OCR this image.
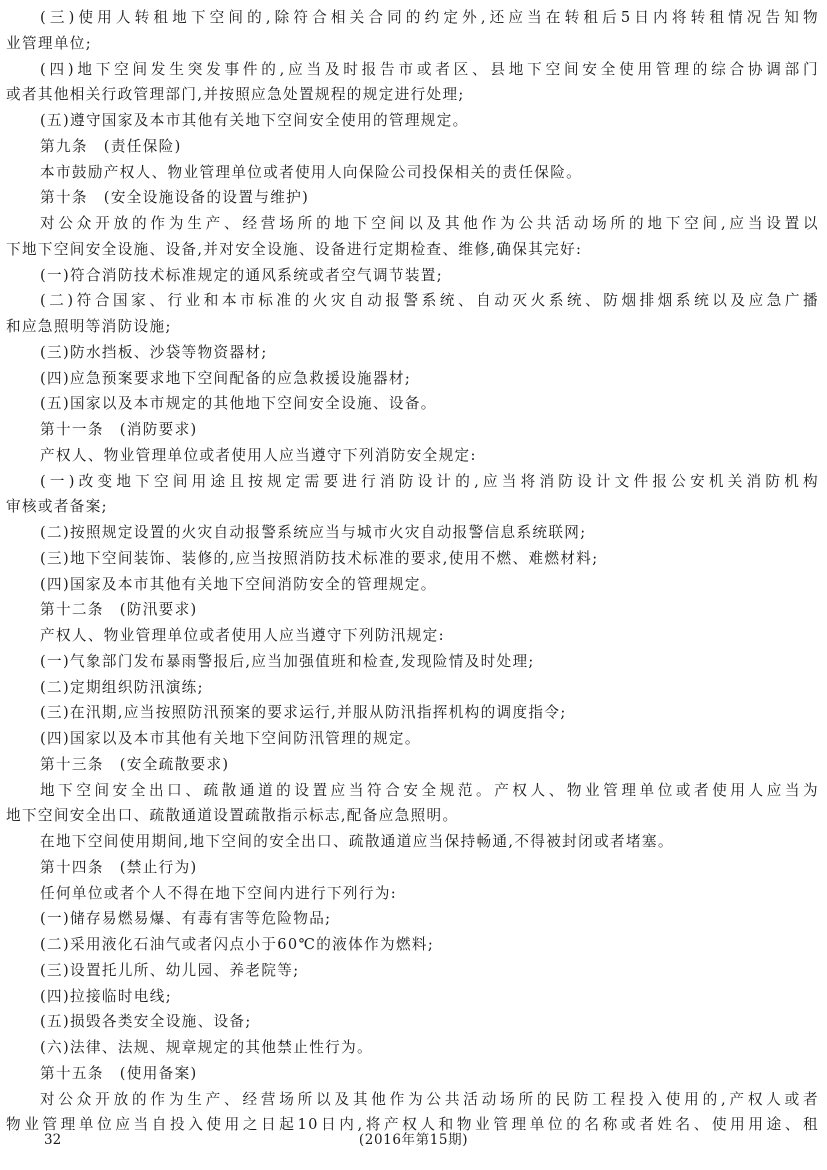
(三)使用人转租地下空间的,除符合相关合同的约定外,还应当在转租后5日内将转租情况告知物
业管理单位;
(四)地下空间发生突发事件的,应当及时报告市或者区、县地下空间安全使用管理的综合协调部门
或者其他相关行政管理部门,并按照应急处置规程的规定进行处理;
(五)遵守国家及本市其他有关地下空间安全使用的管理规定。
第九条　(责任保险)
本市鼓励产权人、物业管理单位或者使用人向保险公司投保相关的责任保险。
第十条　(安全设施设备的设置与维护)
对公众开放的作为生产、经营场所的地下空间以及其他作为公共活动场所的地下空间,应当设置以
下地下空间安全设施、设备,并对安全设施、设备进行定期检查、维修,确保其完好:
(一)符合消防技术标准规定的通风系统或者空气调节装置;
(二)符合国家、行业和本市标准的火灾自动报警系统、自动灭火系统、防烟排烟系统以及应急广播
和应急照明等消防设施;
(三)防水挡板、沙袋等物资器材;
(四)应急预案要求地下空间配备的应急救援设施器材;
(五)国家以及本市规定的其他地下空间安全设施、设备。
第十一条　(消防要求)
产权人、物业管理单位或者使用人应当遵守下列消防安全规定:
(一)改变地下空间用途且按规定需要进行消防设计的,应当将消防设计文件报公安机关消防机构
审核或者备案;
(二)按照规定设置的火灾自动报警系统应当与城市火灾自动报警信息系统联网;
(三)地下空间装饰、装修的,应当按照消防技术标准的要求,使用不燃、难燃材料;
(四)国家及本市其他有关地下空间消防安全的管理规定。
第十二条　(防汛要求)
产权人、物业管理单位或者使用人应当遵守下列防汛规定:
(一)气象部门发布暴雨警报后,应当加强值班和检查,发现险情及时处理;
(二)定期组织防汛演练;
(三)在汛期,应当按照防汛预案的要求运行,并服从防汛指挥机构的调度指令;
(四)国家以及本市其他有关地下空间防汛管理的规定。
第十三条　(安全疏散要求)
地下空间安全出口、疏散通道的设置应当符合安全规范。产权人、物业管理单位或者使用人应当为
地下空间安全出口、疏散通道设置疏散指示标志,配备应急照明。
在地下空间使用期间,地下空间的安全出口、疏散通道应当保持畅通,不得被封闭或者堵塞。
第十四条　(禁止行为)
任何单位或者个人不得在地下空间内进行下列行为:
(一)储存易燃易爆、有毒有害等危险物品;
(二)采用液化石油气或者闪点小于60℃的液体作为燃料;
(三)设置托儿所、幼儿园、养老院等;
(四)拉接临时电线;
(五)损毁各类安全设施、设备;
(六)法律、法规、规章规定的其他禁止性行为。
第十五条　(使用备案)
对公众开放的作为生产、经营场所以及其他作为公共活动场所的民防工程投入使用的,产权人或者
物业管理单位应当自投入使用之日起10日内,将产权人和物业管理单位的名称或者姓名、使用用途、租
32	(2016年第15期)
